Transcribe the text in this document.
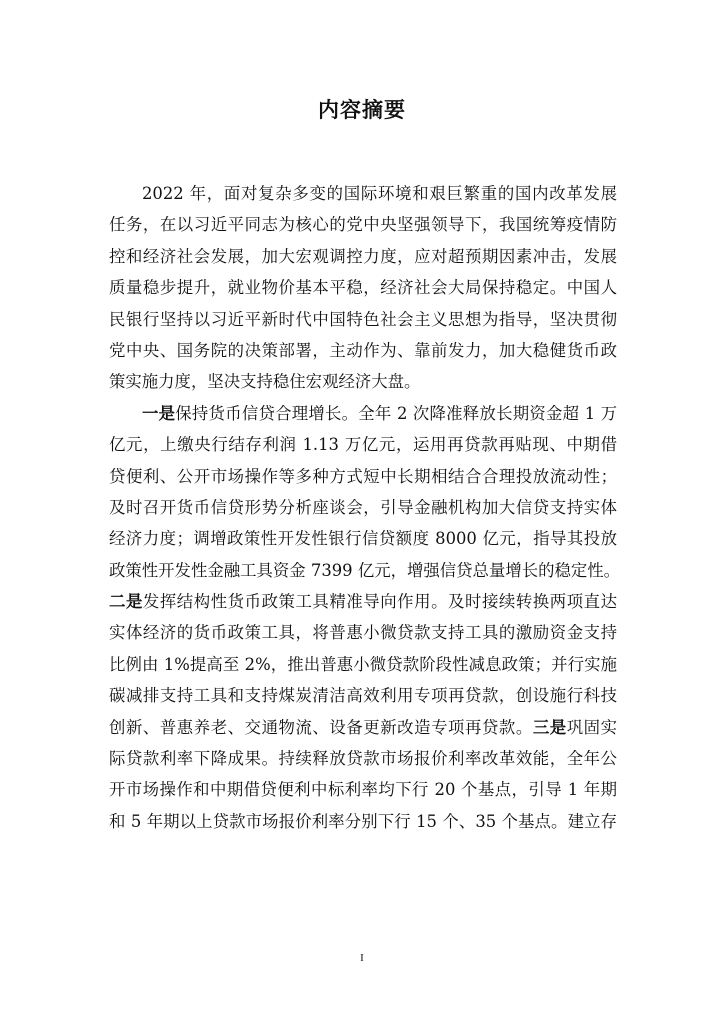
内容摘要
2022 年，面对复杂多变的国际环境和艰巨繁重的国内改革发展
任务，在以习近平同志为核心的党中央坚强领导下，我国统筹疫情防
控和经济社会发展，加大宏观调控力度，应对超预期因素冲击，发展
质量稳步提升，就业物价基本平稳，经济社会大局保持稳定。中国人
民银行坚持以习近平新时代中国特色社会主义思想为指导，坚决贯彻
党中央、国务院的决策部署，主动作为、靠前发力，加大稳健货币政
策实施力度，坚决支持稳住宏观经济大盘。
一是保持货币信贷合理增长。全年 2 次降准释放长期资金超 1 万
亿元，上缴央行结存利润 1.13 万亿元，运用再贷款再贴现、中期借
贷便利、公开市场操作等多种方式短中长期相结合合理投放流动性；
及时召开货币信贷形势分析座谈会，引导金融机构加大信贷支持实体
经济力度；调增政策性开发性银行信贷额度 8000 亿元，指导其投放
政策性开发性金融工具资金 7399 亿元，增强信贷总量增长的稳定性。
二是发挥结构性货币政策工具精准导向作用。及时接续转换两项直达
实体经济的货币政策工具，将普惠小微贷款支持工具的激励资金支持
比例由 1%提高至 2%，推出普惠小微贷款阶段性减息政策；并行实施
碳减排支持工具和支持煤炭清洁高效利用专项再贷款，创设施行科技
创新、普惠养老、交通物流、设备更新改造专项再贷款。三是巩固实
际贷款利率下降成果。持续释放贷款市场报价利率改革效能，全年公
开市场操作和中期借贷便利中标利率均下行 20 个基点，引导 1 年期
和 5 年期以上贷款市场报价利率分别下行 15 个、35 个基点。建立存
I
